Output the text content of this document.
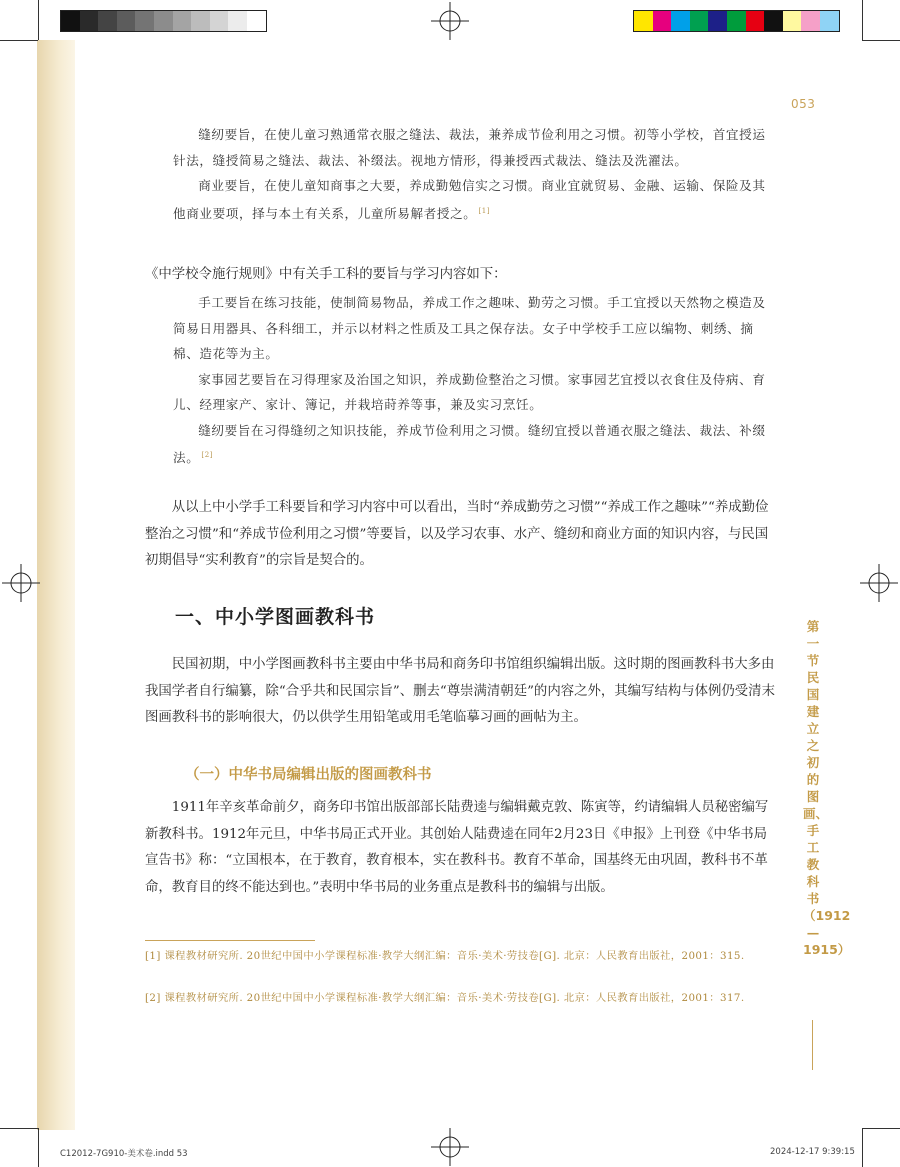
053
缝纫要旨，在使儿童习熟通常衣服之缝法、裁法，兼养成节俭利用之习惯。初等小学校，首宜授运针法，缝授简易之缝法、裁法、补缀法。视地方情形，得兼授西式裁法、缝法及洗濯法。
商业要旨，在使儿童知商事之大要，养成勤勉信实之习惯。商业宜就贸易、金融、运输、保险及其他商业要项，择与本土有关系，儿童所易解者授之。 [1]
《中学校令施行规则》中有关手工科的要旨与学习内容如下：
手工要旨在练习技能，使制简易物品，养成工作之趣味、勤劳之习惯。手工宜授以天然物之模造及简易日用器具、各科细工，并示以材料之性质及工具之保存法。女子中学校手工应以编物、刺绣、摘棉、造花等为主。
家事园艺要旨在习得理家及治国之知识，养成勤俭整治之习惯。家事园艺宜授以衣食住及侍病、育儿、经理家产、家计、簿记，并栽培莳养等事，兼及实习烹饪。
缝纫要旨在习得缝纫之知识技能，养成节俭利用之习惯。缝纫宜授以普通衣服之缝法、裁法、补缀法。 [2]
从以上中小学手工科要旨和学习内容中可以看出，当时“养成勤劳之习惯”“养成工作之趣味”“养成勤俭整治之习惯”和“养成节俭利用之习惯”等要旨，以及学习农事、水产、缝纫和商业方面的知识内容，与民国初期倡导“实利教育”的宗旨是契合的。
一、中小学图画教科书
民国初期，中小学图画教科书主要由中华书局和商务印书馆组织编辑出版。这时期的图画教科书大多由我国学者自行编纂，除“合乎共和民国宗旨”、删去“尊崇满清朝廷”的内容之外，其编写结构与体例仍受清末图画教科书的影响很大，仍以供学生用铅笔或用毛笔临摹习画的画帖为主。
（一）中华书局编辑出版的图画教科书
1911年辛亥革命前夕，商务印书馆出版部部长陆费逵与编辑戴克敦、陈寅等，约请编辑人员秘密编写新教科书。1912年元旦，中华书局正式开业。其创始人陆费逵在同年2月23日《申报》上刊登《中华书局宣告书》称：“立国根本，在于教育，教育根本，实在教科书。教育不革命，国基终无由巩固，教科书不革命，教育目的终不能达到也。”表明中华书局的业务重点是教科书的编辑与出版。
[1] 课程教材研究所. 20世纪中国中小学课程标准·教学大纲汇编：音乐·美术·劳技卷[G]. 北京：人民教育出版社，2001：315.
[2] 课程教材研究所. 20世纪中国中小学课程标准·教学大纲汇编：音乐·美术·劳技卷[G]. 北京：人民教育出版社，2001：317.
第一节 民国建立之初的图画、手工教科书（1912—1915）
C12012-7G910-美术卷.indd 53	2024-12-17 9:39:15
